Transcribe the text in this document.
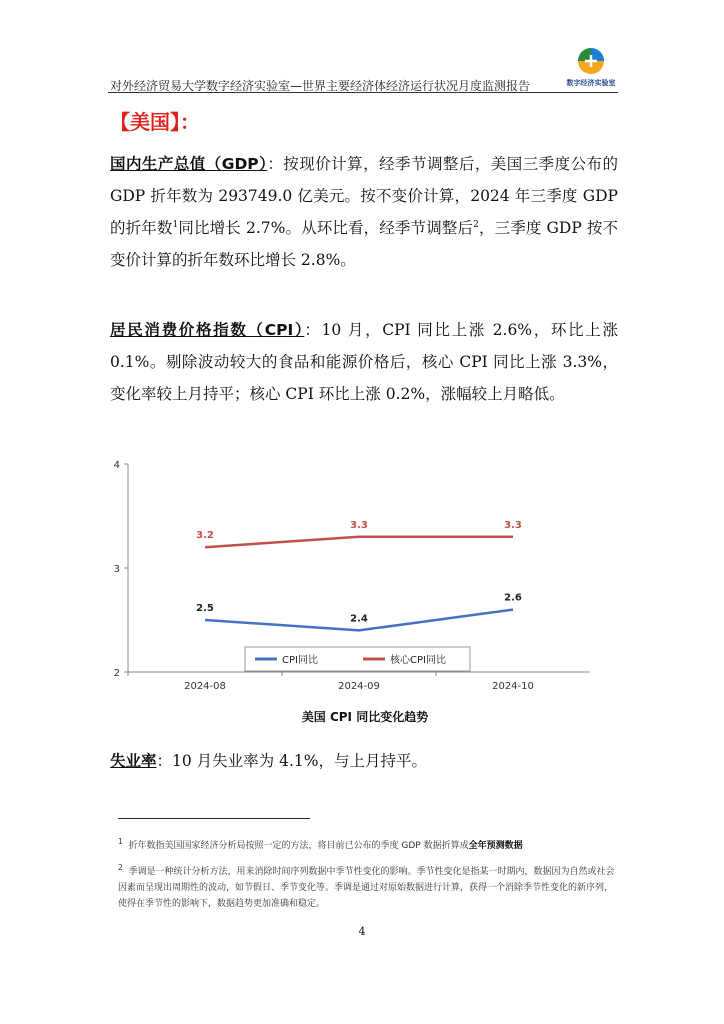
对外经济贸易大学数字经济实验室—世界主要经济体经济运行状况月度监测报告	数字经济实验室
【美国】：
国内生产总值（GDP）：按现价计算，经季节调整后，美国三季度公布的 GDP 折年数为 293749.0 亿美元。按不变价计算，2024 年三季度 GDP 的折年数$^1$同比增长 2.7%。从环比看，经季节调整后$^2$，三季度 GDP 按不变价计算的折年数环比增长 2.8%。
居民消费价格指数（CPI）：10 月，CPI 同比上涨 2.6%，环比上涨 0.1%。剔除波动较大的食品和能源价格后，核心 CPI 同比上涨 3.3%，变化率较上月持平；核心 CPI 环比上涨 0.2%，涨幅较上月略低。
2
3
4
2024-08	2024-09	2024-10
2.5
2.4
2.6
3.2
3.3	3.3
CPI同比	核心CPI同比
美国 CPI 同比变化趋势
失业率：10 月失业率为 4.1%，与上月持平。
$^1$ 折年数指美国国家经济分析局按照一定的方法，将目前已公布的季度 GDP 数据折算成全年预测数据
$^2$ 季调是一种统计分析方法，用来消除时间序列数据中季节性变化的影响。季节性变化是指某一时期内，数据因为自然或社会因素而呈现出周期性的波动，如节假日、季节变化等。季调是通过对原始数据进行计算，获得一个消除季节性变化的新序列，使得在季节性的影响下，数据趋势更加准确和稳定。
4
